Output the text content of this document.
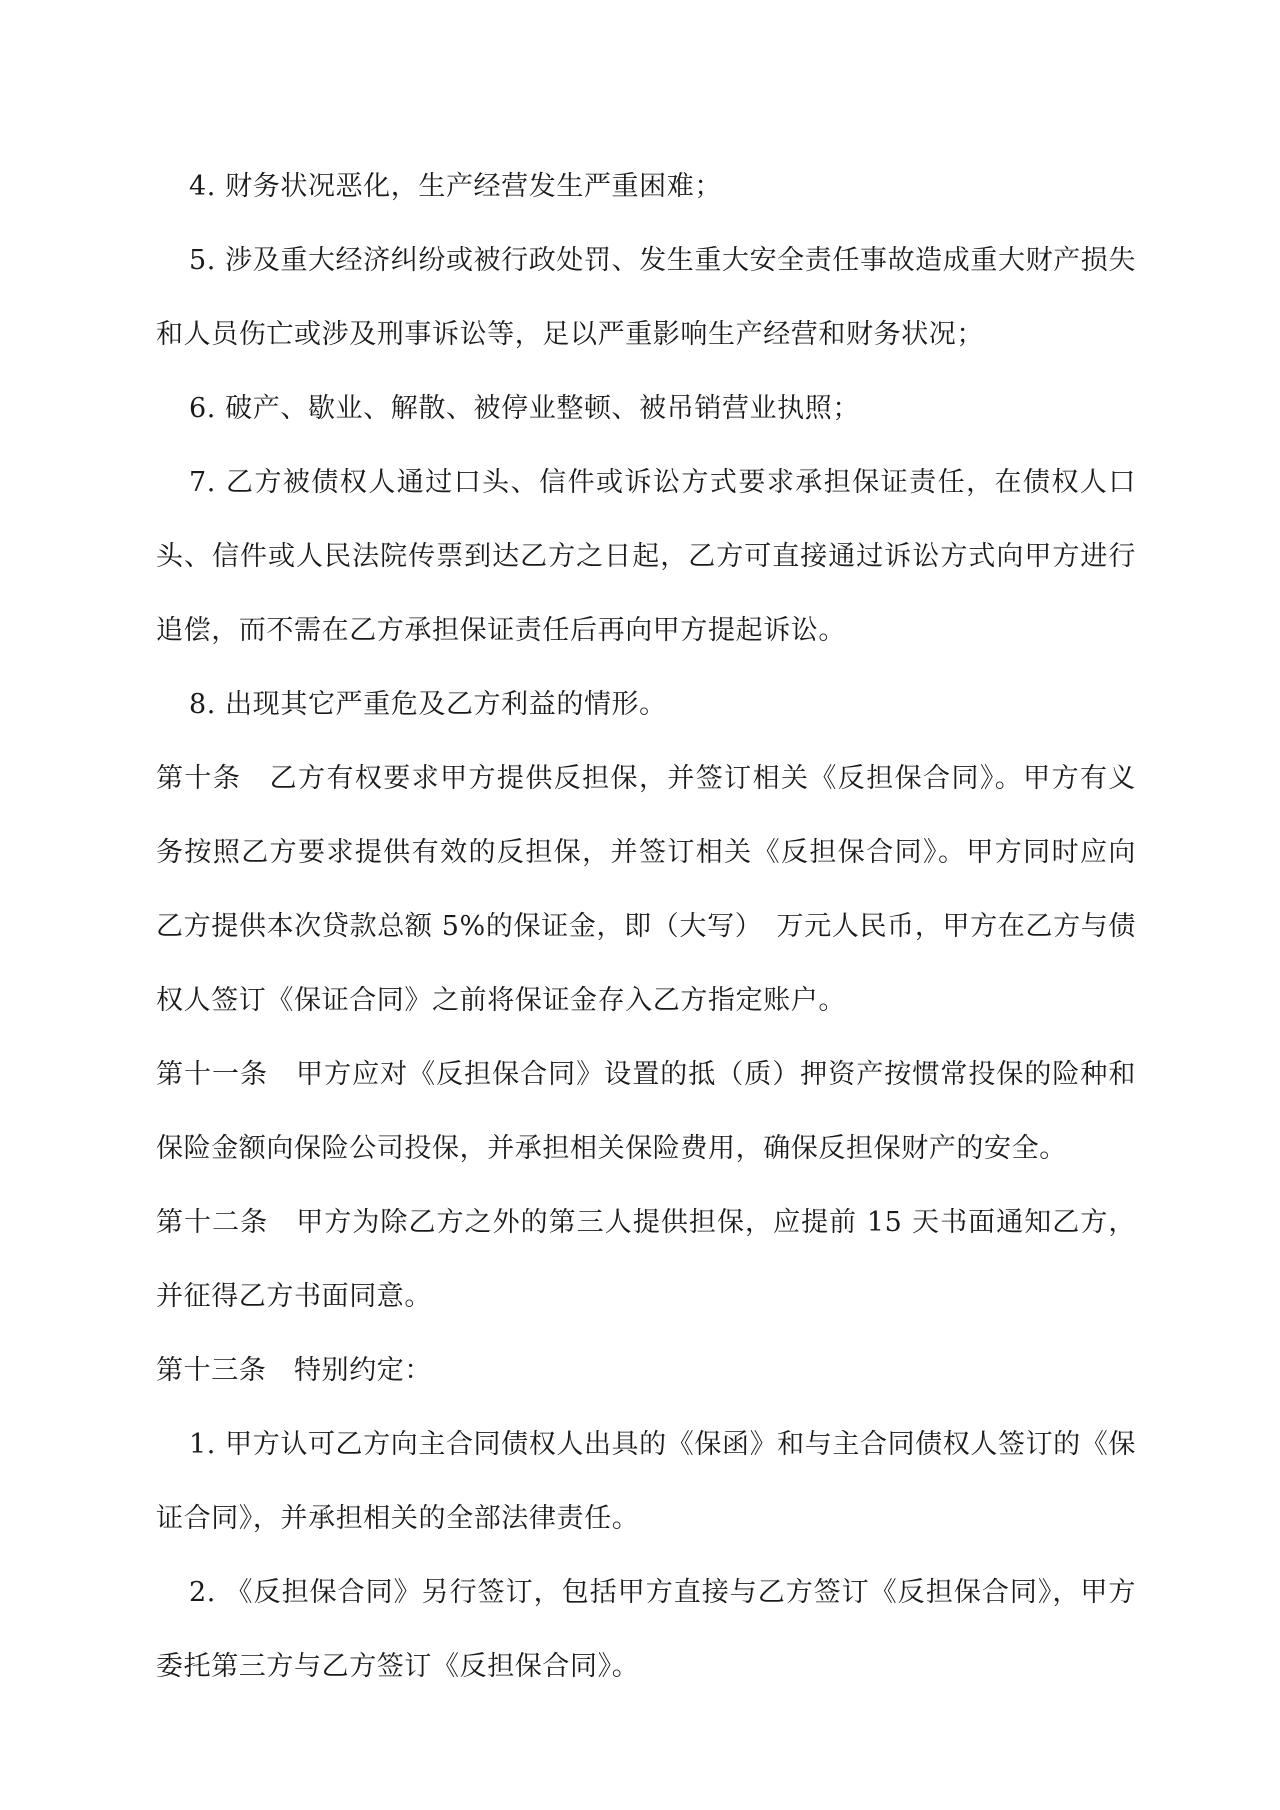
4. 财务状况恶化，生产经营发生严重困难；

5. 涉及重大经济纠纷或被行政处罚、发生重大安全责任事故造成重大财产损失和人员伤亡或涉及刑事诉讼等，足以严重影响生产经营和财务状况；

6. 破产、歇业、解散、被停业整顿、被吊销营业执照；

7. 乙方被债权人通过口头、信件或诉讼方式要求承担保证责任，在债权人口头、信件或人民法院传票到达乙方之日起，乙方可直接通过诉讼方式向甲方进行追偿，而不需在乙方承担保证责任后再向甲方提起诉讼。

8. 出现其它严重危及乙方利益的情形。

第十条　乙方有权要求甲方提供反担保，并签订相关《反担保合同》。甲方有义务按照乙方要求提供有效的反担保，并签订相关《反担保合同》。甲方同时应向乙方提供本次贷款总额 5%的保证金，即（大写）　万元人民币，甲方在乙方与债权人签订《保证合同》之前将保证金存入乙方指定账户。

第十一条　甲方应对《反担保合同》设置的抵（质）押资产按惯常投保的险种和保险金额向保险公司投保，并承担相关保险费用，确保反担保财产的安全。

第十二条　甲方为除乙方之外的第三人提供担保，应提前 15 天书面通知乙方，并征得乙方书面同意。

第十三条　特别约定：

1. 甲方认可乙方向主合同债权人出具的《保函》和与主合同债权人签订的《保证合同》，并承担相关的全部法律责任。

2. 《反担保合同》另行签订，包括甲方直接与乙方签订《反担保合同》，甲方委托第三方与乙方签订《反担保合同》。
